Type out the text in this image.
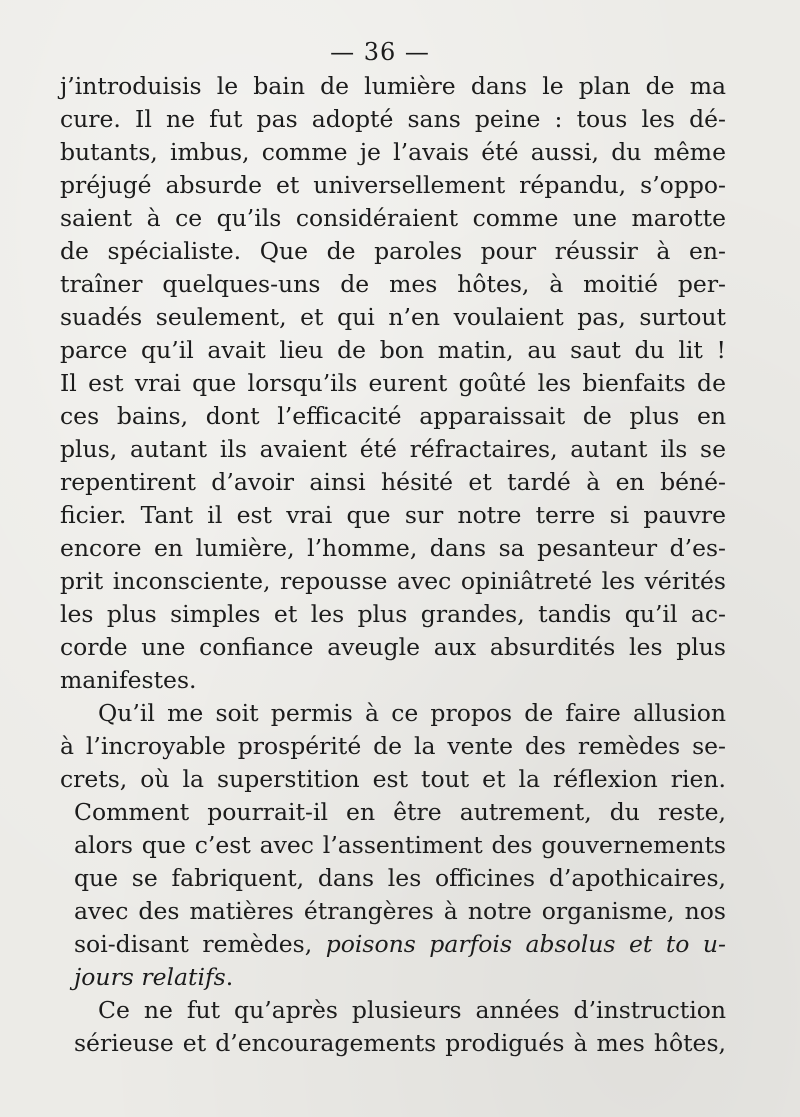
— 36 —
j’introduisis le bain de lumière dans le plan de ma
cure. Il ne fut pas adopté sans peine : tous les dé-
butants, imbus, comme je l’avais été aussi, du même
préjugé absurde et universellement répandu, s’oppo-
saient à ce qu’ils considéraient comme une marotte
de spécialiste. Que de paroles pour réussir à en-
traîner quelques-uns de mes hôtes, à moitié per-
suadés seulement, et qui n’en voulaient pas, surtout
parce qu’il avait lieu de bon matin, au saut du lit !
Il est vrai que lorsqu’ils eurent goûté les bienfaits de
ces bains, dont l’efficacité apparaissait de plus en
plus, autant ils avaient été réfractaires, autant ils se
repentirent d’avoir ainsi hésité et tardé à en béné-
ficier. Tant il est vrai que sur notre terre si pauvre
encore en lumière, l’homme, dans sa pesanteur d’es-
prit inconsciente, repousse avec opiniâtreté les vérités
les plus simples et les plus grandes, tandis qu’il ac-
corde une confiance aveugle aux absurdités les plus
manifestes.
Qu’il me soit permis à ce propos de faire allusion
à l’incroyable prospérité de la vente des remèdes se-
crets, où la superstition est tout et la réflexion rien.
Comment pourrait-il en être autrement, du reste,
alors que c’est avec l’assentiment des gouvernements
que se fabriquent, dans les officines d’apothicaires,
avec des matières étrangères à notre organisme, nos
soi-disant remèdes, poisons parfois absolus et to u-
jours relatifs.
Ce ne fut qu’après plusieurs années d’instruction
sérieuse et d’encouragements prodigués à mes hôtes,
